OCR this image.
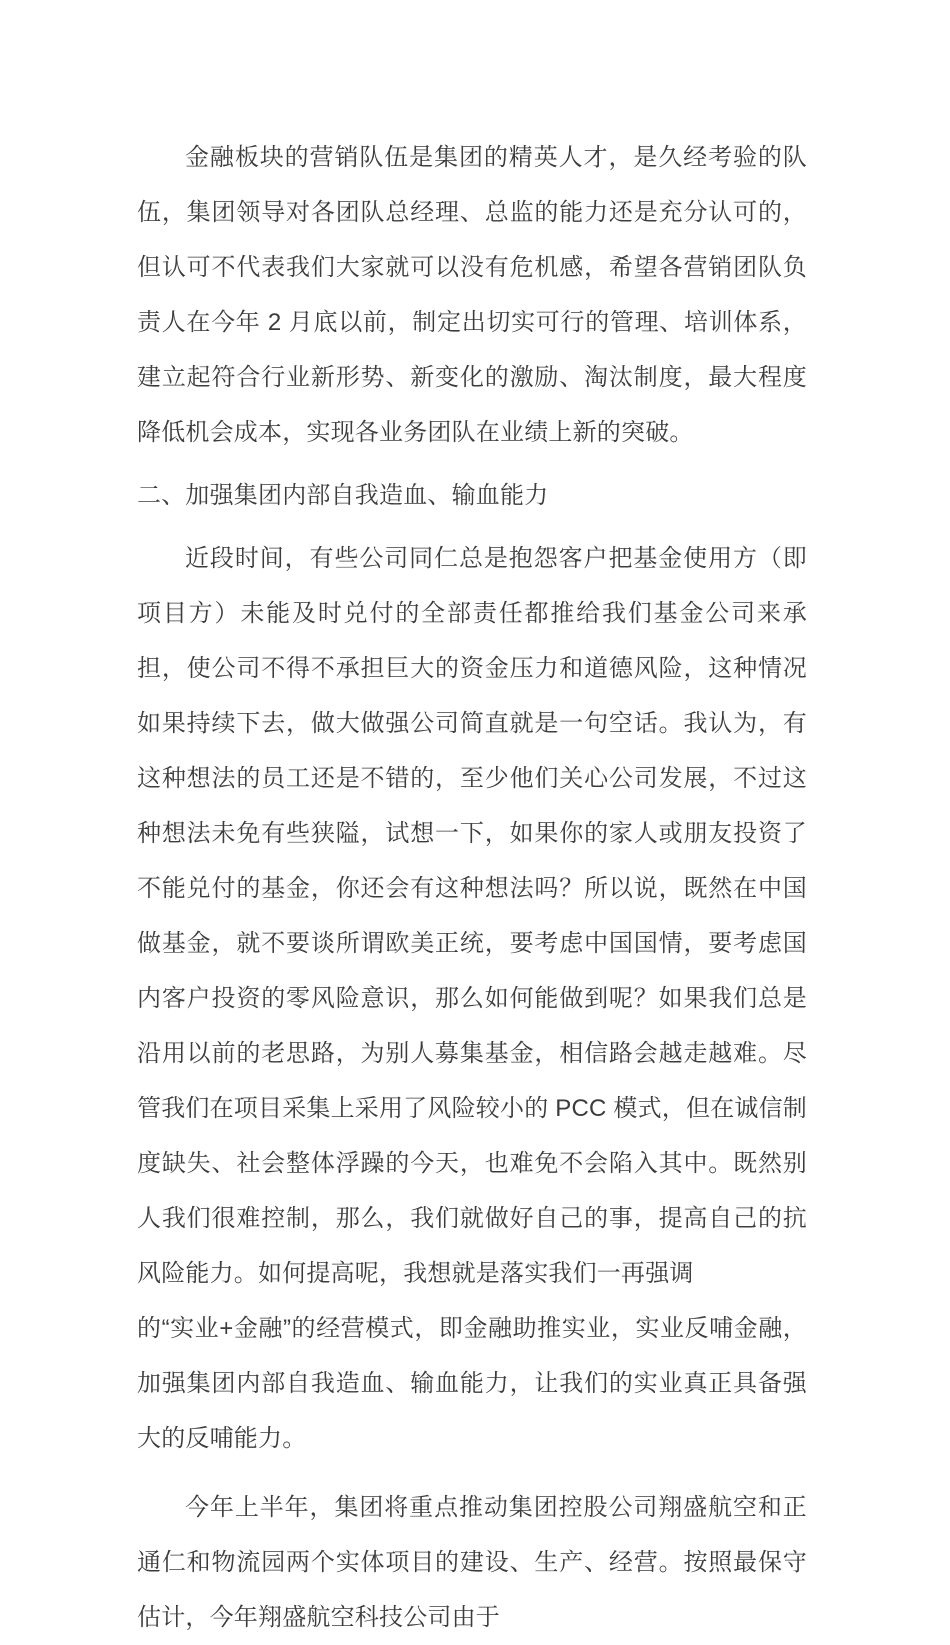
金融板块的营销队伍是集团的精英人才，是久经考验的队伍，集团领导对各团队总经理、总监的能力还是充分认可的，但认可不代表我们大家就可以没有危机感，希望各营销团队负责人在今年 2 月底以前，制定出切实可行的管理、培训体系，建立起符合行业新形势、新变化的激励、淘汰制度，最大程度降低机会成本，实现各业务团队在业绩上新的突破。

二、加强集团内部自我造血、输血能力

近段时间，有些公司同仁总是抱怨客户把基金使用方（即项目方）未能及时兑付的全部责任都推给我们基金公司来承担，使公司不得不承担巨大的资金压力和道德风险，这种情况如果持续下去，做大做强公司简直就是一句空话。我认为，有这种想法的员工还是不错的，至少他们关心公司发展，不过这种想法未免有些狭隘，试想一下，如果你的家人或朋友投资了不能兑付的基金，你还会有这种想法吗？所以说，既然在中国做基金，就不要谈所谓欧美正统，要考虑中国国情，要考虑国内客户投资的零风险意识，那么如何能做到呢？如果我们总是沿用以前的老思路，为别人募集基金，相信路会越走越难。尽管我们在项目采集上采用了风险较小的 PCC 模式，但在诚信制度缺失、社会整体浮躁的今天，也难免不会陷入其中。既然别人我们很难控制，那么，我们就做好自己的事，提高自己的抗风险能力。如何提高呢，我想就是落实我们一再强调

的“实业+金融”的经营模式，即金融助推实业，实业反哺金融，加强集团内部自我造血、输血能力，让我们的实业真正具备强大的反哺能力。

今年上半年，集团将重点推动集团控股公司翔盛航空和正通仁和物流园两个实体项目的建设、生产、经营。按照最保守估计，今年翔盛航空科技公司由于
